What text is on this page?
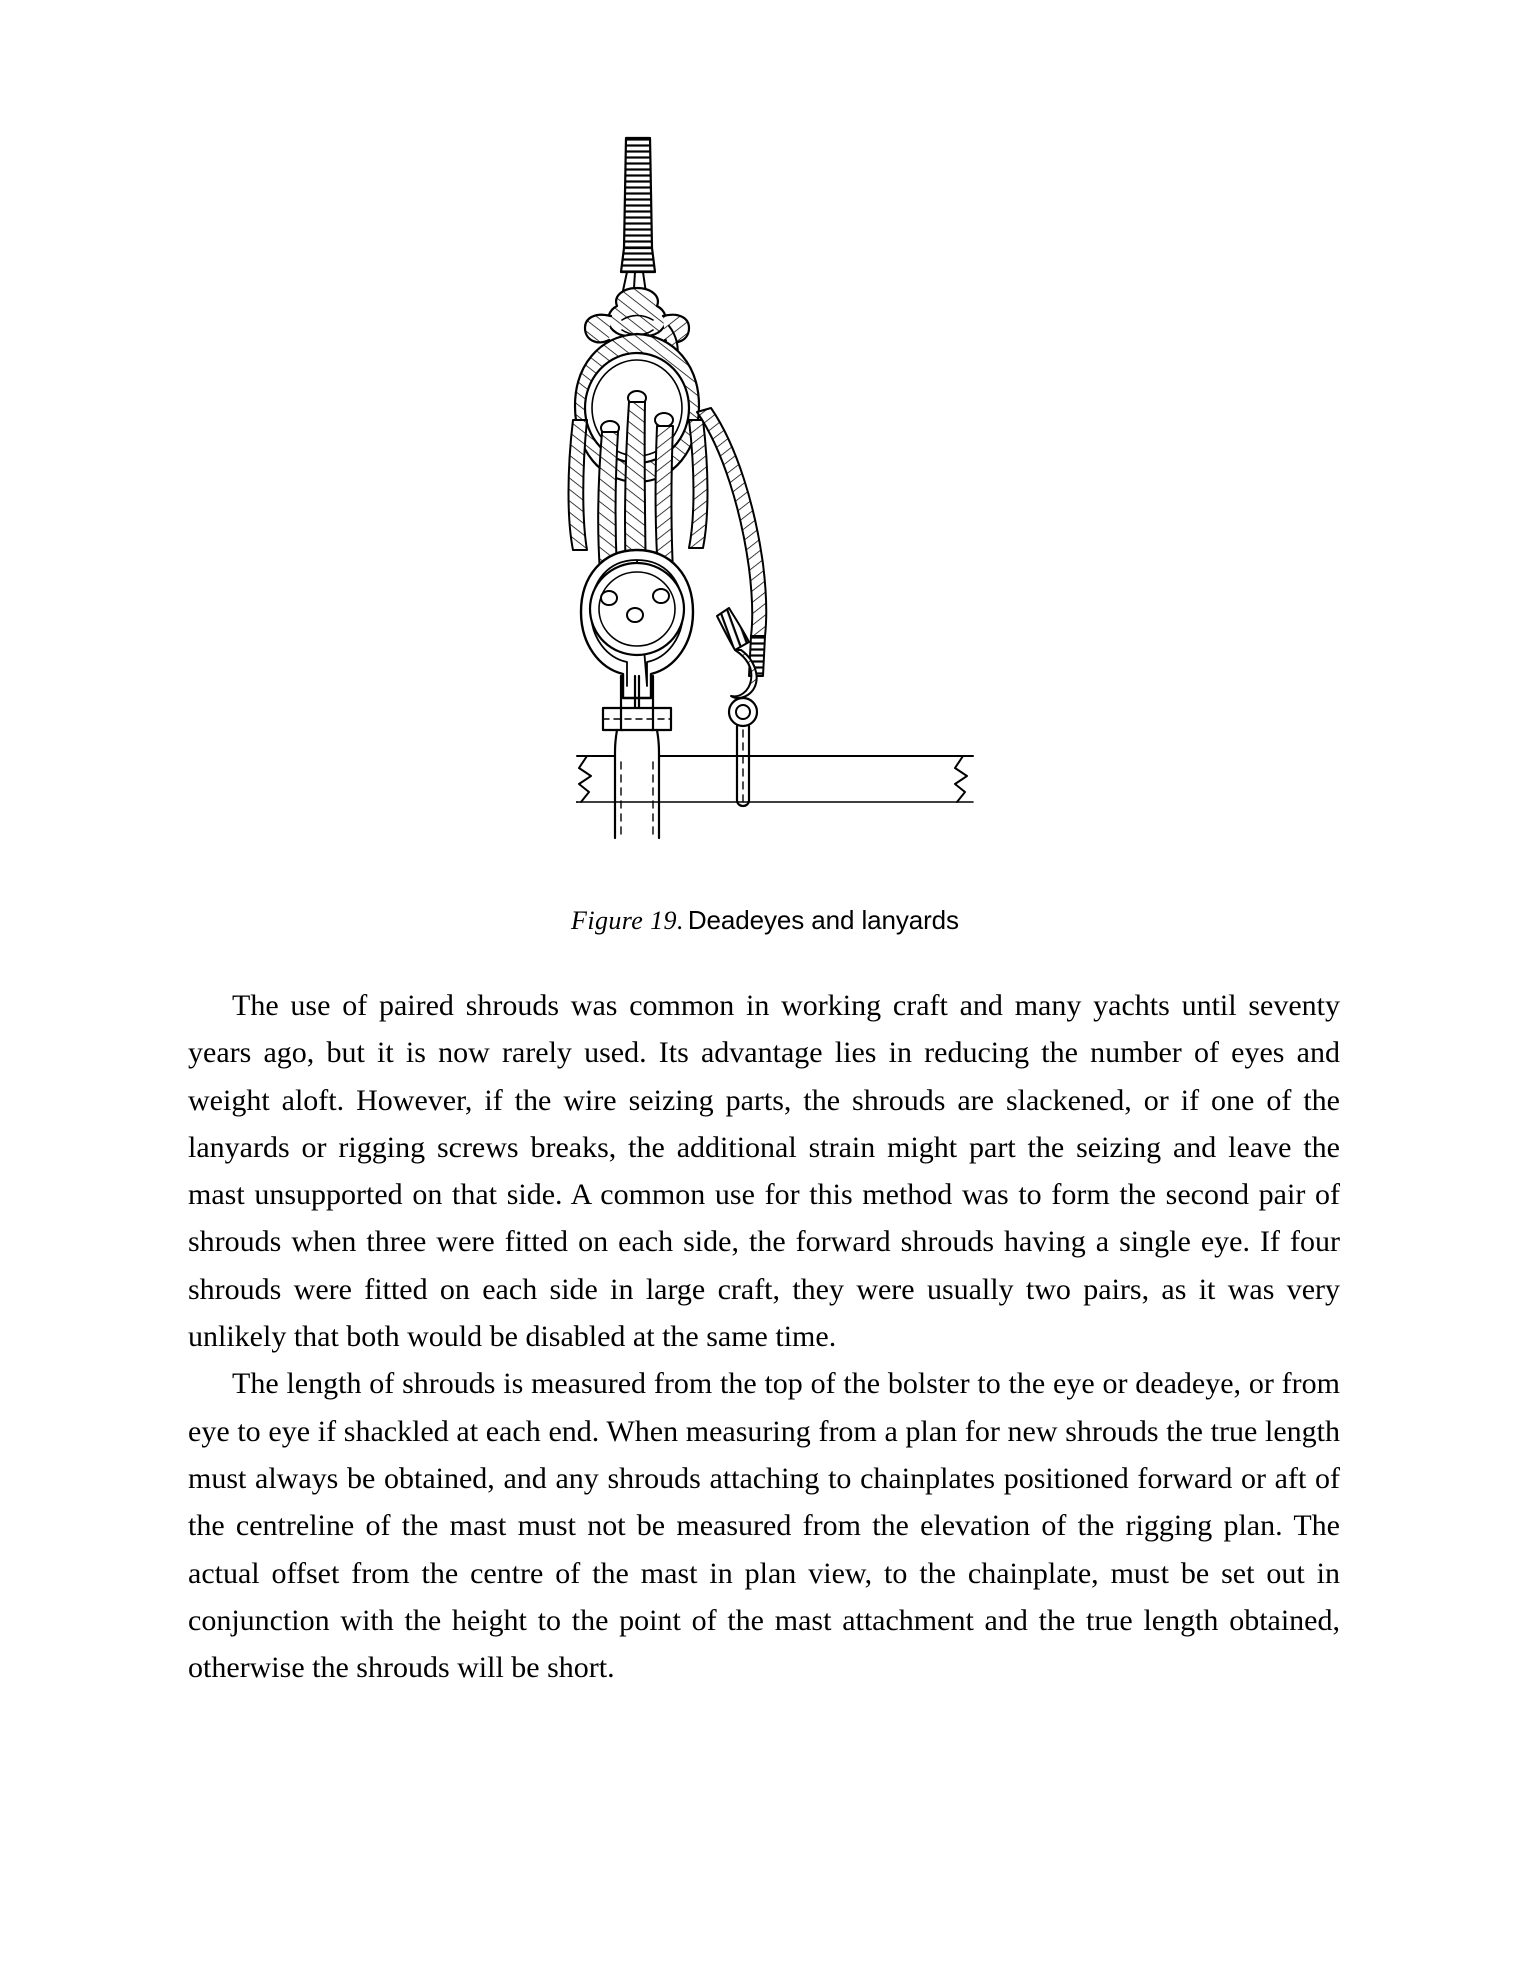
Figure 19. Deadeyes and lanyards

The use of paired shrouds was common in working craft and many yachts until seventy years ago, but it is now rarely used. Its advantage lies in reducing the number of eyes and weight aloft. However, if the wire seizing parts, the shrouds are slackened, or if one of the lanyards or rigging screws breaks, the additional strain might part the seizing and leave the mast unsupported on that side. A common use for this method was to form the second pair of shrouds when three were fitted on each side, the forward shrouds having a single eye. If four shrouds were fitted on each side in large craft, they were usually two pairs, as it was very unlikely that both would be disabled at the same time.

The length of shrouds is measured from the top of the bolster to the eye or deadeye, or from eye to eye if shackled at each end. When measuring from a plan for new shrouds the true length must always be obtained, and any shrouds attaching to chainplates positioned forward or aft of the centreline of the mast must not be measured from the elevation of the rigging plan. The actual offset from the centre of the mast in plan view, to the chainplate, must be set out in conjunction with the height to the point of the mast attachment and the true length obtained, otherwise the shrouds will be short.
